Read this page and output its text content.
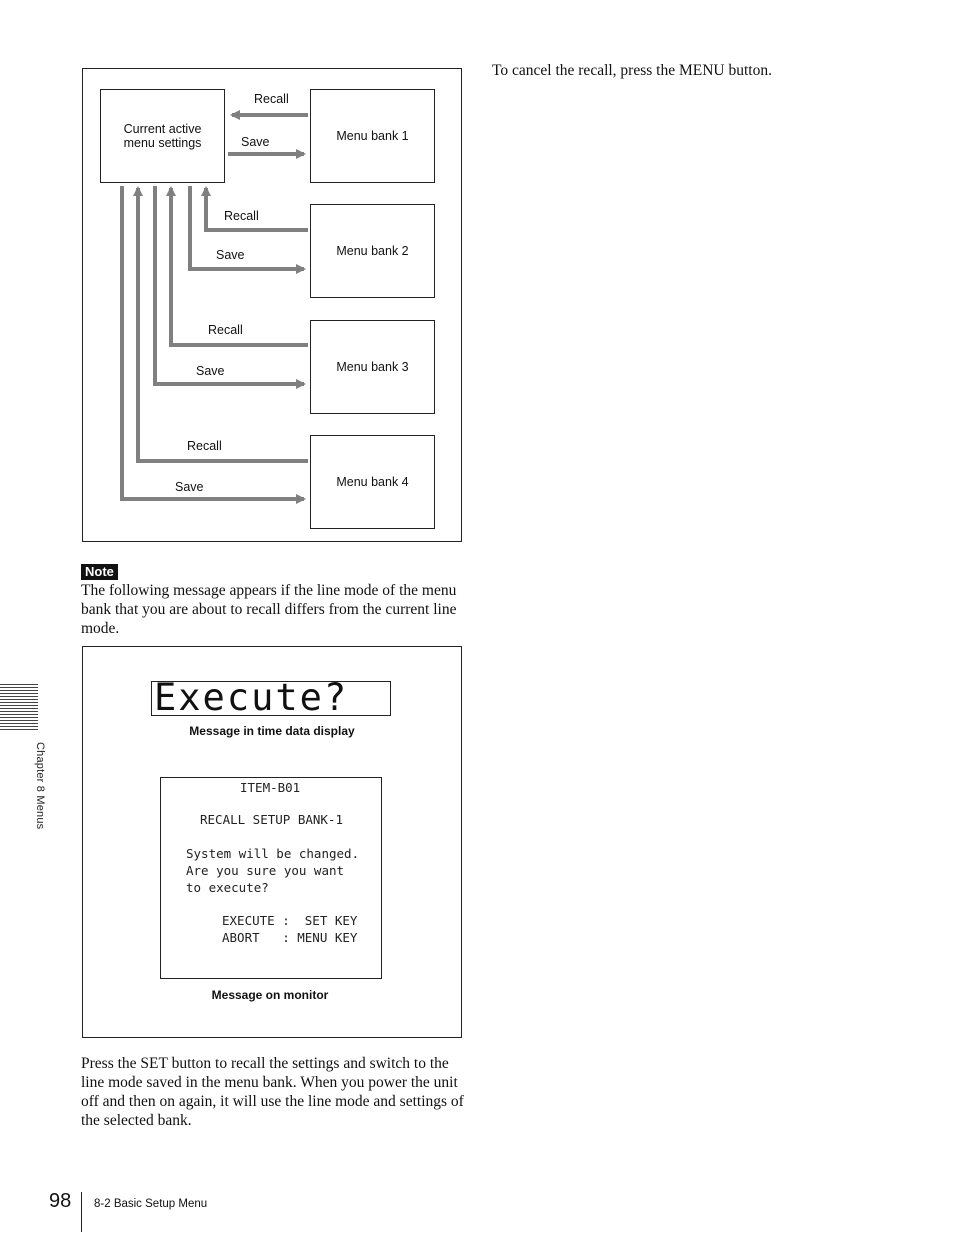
Current active menu settings	Menu bank 1
Menu bank 2
Menu bank 3
Menu bank 4
Recall
Save
Recall
Save
Recall
Save
Recall
Save
Note
The following message appears if the line mode of the menu bank that you are about to recall differs from the current line mode.
Execute?
Message in time data display
ITEM-B01
RECALL SETUP BANK-1
System will be changed.
Are you sure you want
to execute?
EXECUTE :  SET KEY
ABORT   : MENU KEY
Message on monitor
Press the SET button to recall the settings and switch to the line mode saved in the menu bank. When you power the unit off and then on again, it will use the line mode and settings of the selected bank.
To cancel the recall, press the MENU button.
Chapter 8 Menus
98 8-2 Basic Setup Menu
